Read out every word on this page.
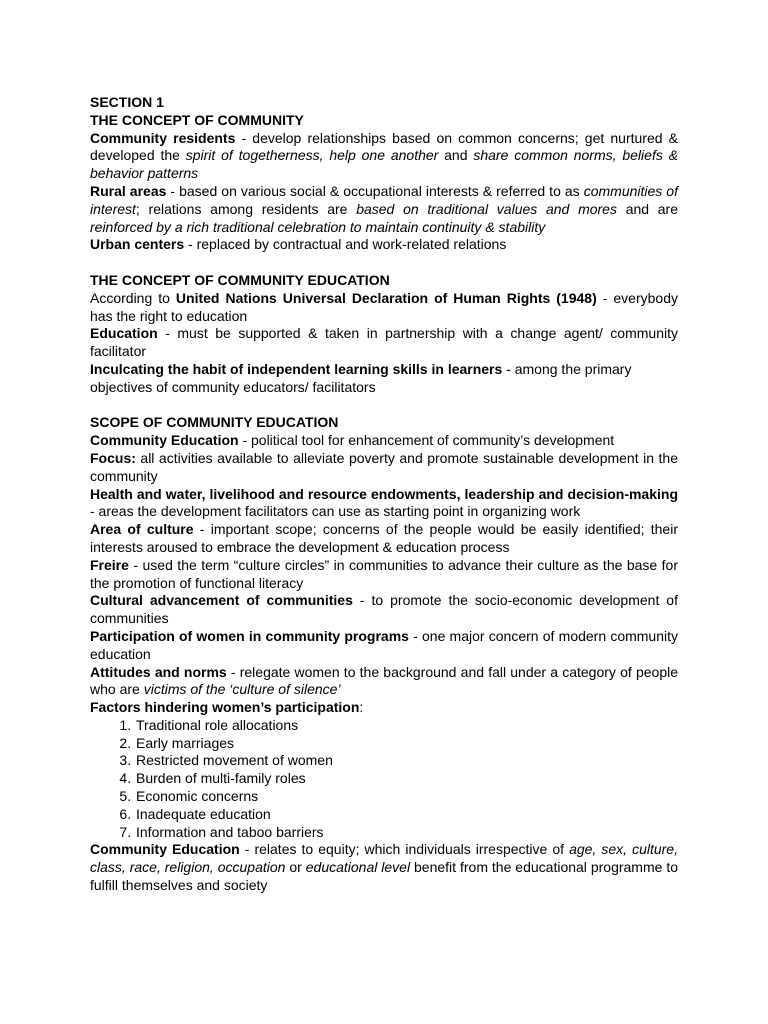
SECTION 1
THE CONCEPT OF COMMUNITY

Community residents - develop relationships based on common concerns; get nurtured & developed the spirit of togetherness, help one another and share common norms, beliefs & behavior patterns

Rural areas - based on various social & occupational interests & referred to as communities of interest; relations among residents are based on traditional values and mores and are reinforced by a rich traditional celebration to maintain continuity & stability

Urban centers - replaced by contractual and work-related relations

THE CONCEPT OF COMMUNITY EDUCATION

According to United Nations Universal Declaration of Human Rights (1948) - everybody has the right to education

Education - must be supported & taken in partnership with a change agent/ community facilitator

Inculcating the habit of independent learning skills in learners - among the primary objectives of community educators/ facilitators

SCOPE OF COMMUNITY EDUCATION

Community Education - political tool for enhancement of community’s development

Focus: all activities available to alleviate poverty and promote sustainable development in the community

Health and water, livelihood and resource endowments, leadership and decision-making - areas the development facilitators can use as starting point in organizing work

Area of culture - important scope; concerns of the people would be easily identified; their interests aroused to embrace the development & education process

Freire - used the term “culture circles” in communities to advance their culture as the base for the promotion of functional literacy

Cultural advancement of communities - to promote the socio-economic development of communities

Participation of women in community programs - one major concern of modern community education

Attitudes and norms - relegate women to the background and fall under a category of people who are victims of the ‘culture of silence’

Factors hindering women’s participation:

1. Traditional role allocations
2. Early marriages
3. Restricted movement of women
4. Burden of multi-family roles
5. Economic concerns
6. Inadequate education
7. Information and taboo barriers

Community Education - relates to equity; which individuals irrespective of age, sex, culture, class, race, religion, occupation or educational level benefit from the educational programme to fulfill themselves and society
